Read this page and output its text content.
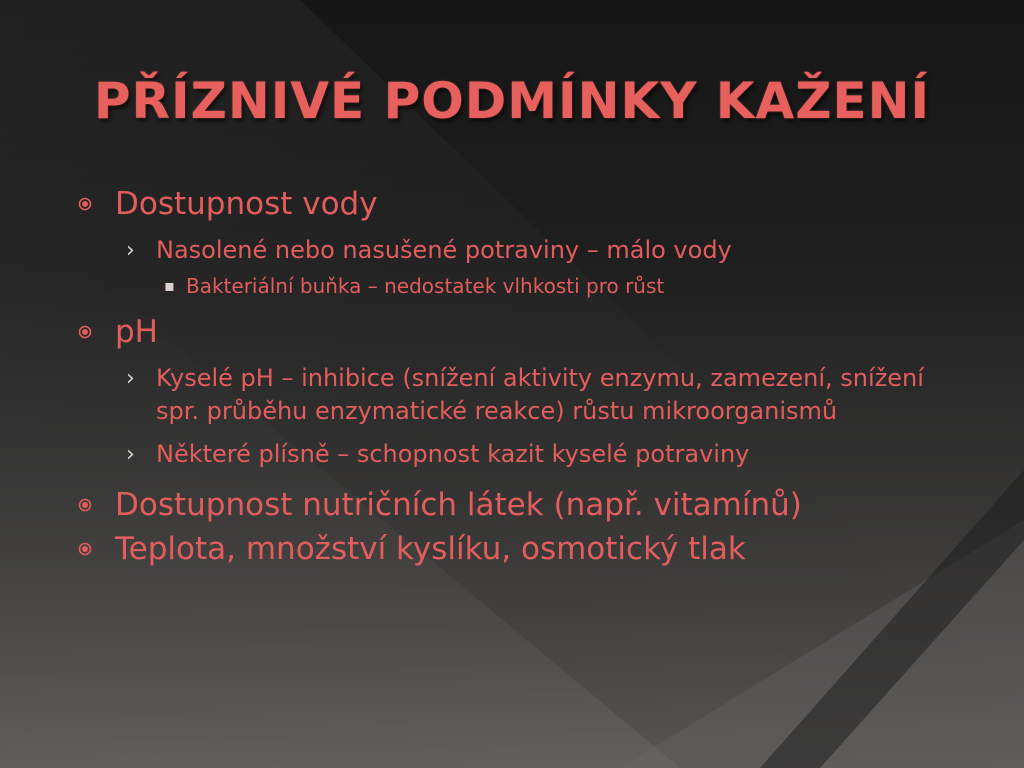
PŘÍZNIVÉ PODMÍNKY KAŽENÍ
Dostupnost vody
› Nasolené nebo nasušené potraviny – málo vody
▪ Bakteriální buňka – nedostatek vlhkosti pro růst
pH
› Kyselé pH – inhibice (snížení aktivity enzymu, zamezení, snížení spr. průběhu enzymatické reakce) růstu mikroorganismů
› Některé plísně – schopnost kazit kyselé potraviny
Dostupnost nutričních látek (např. vitamínů)
Teplota, množství kyslíku, osmotický tlak
